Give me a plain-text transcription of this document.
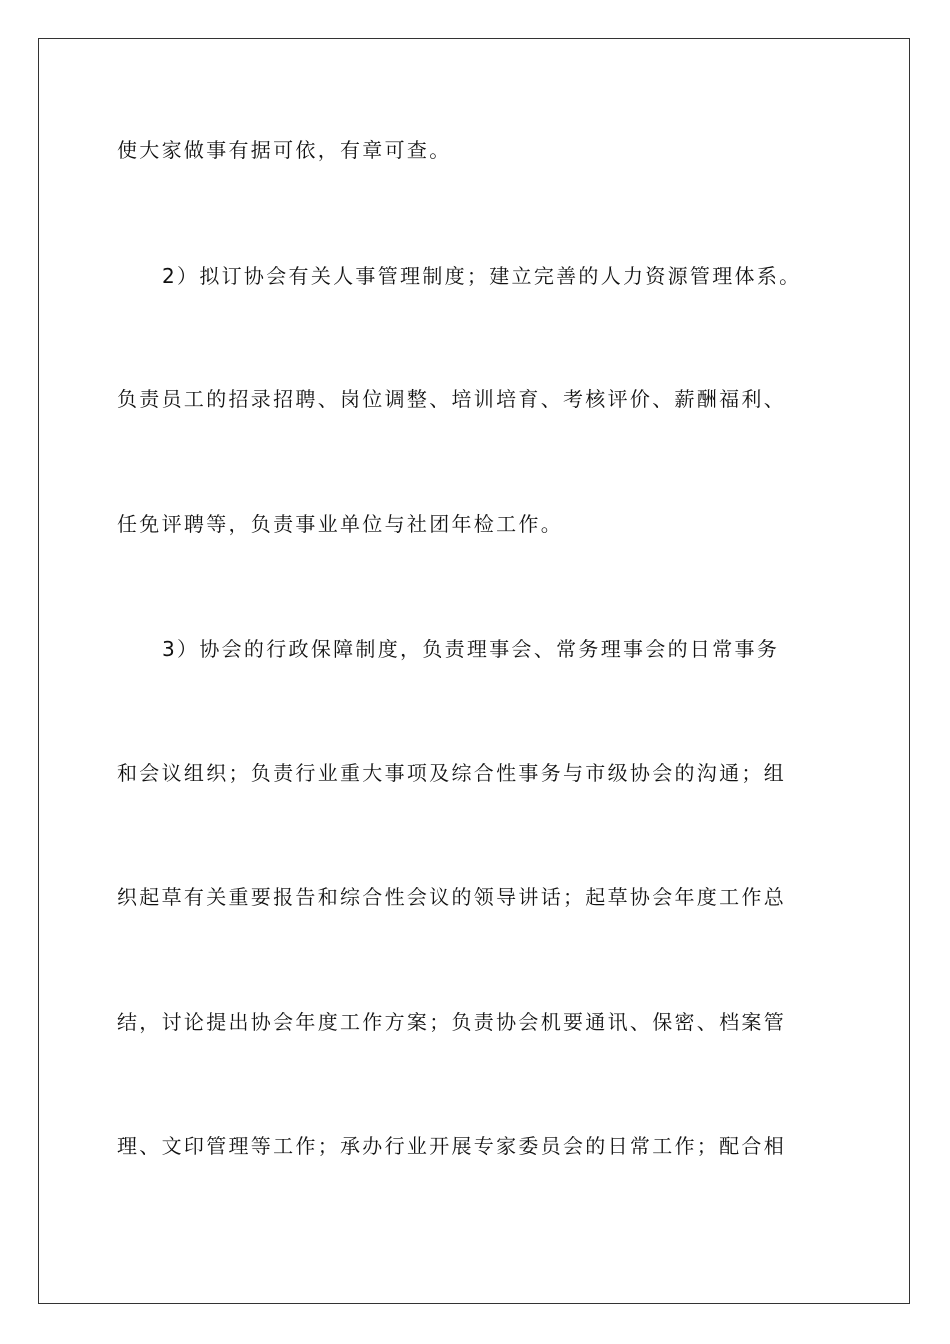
使大家做事有据可依，有章可查。

2）拟订协会有关人事管理制度；建立完善的人力资源管理体系。

负责员工的招录招聘、岗位调整、培训培育、考核评价、薪酬福利、

任免评聘等，负责事业单位与社团年检工作。

3）协会的行政保障制度，负责理事会、常务理事会的日常事务

和会议组织；负责行业重大事项及综合性事务与市级协会的沟通；组

织起草有关重要报告和综合性会议的领导讲话；起草协会年度工作总

结，讨论提出协会年度工作方案；负责协会机要通讯、保密、档案管

理、文印管理等工作；承办行业开展专家委员会的日常工作；配合相
